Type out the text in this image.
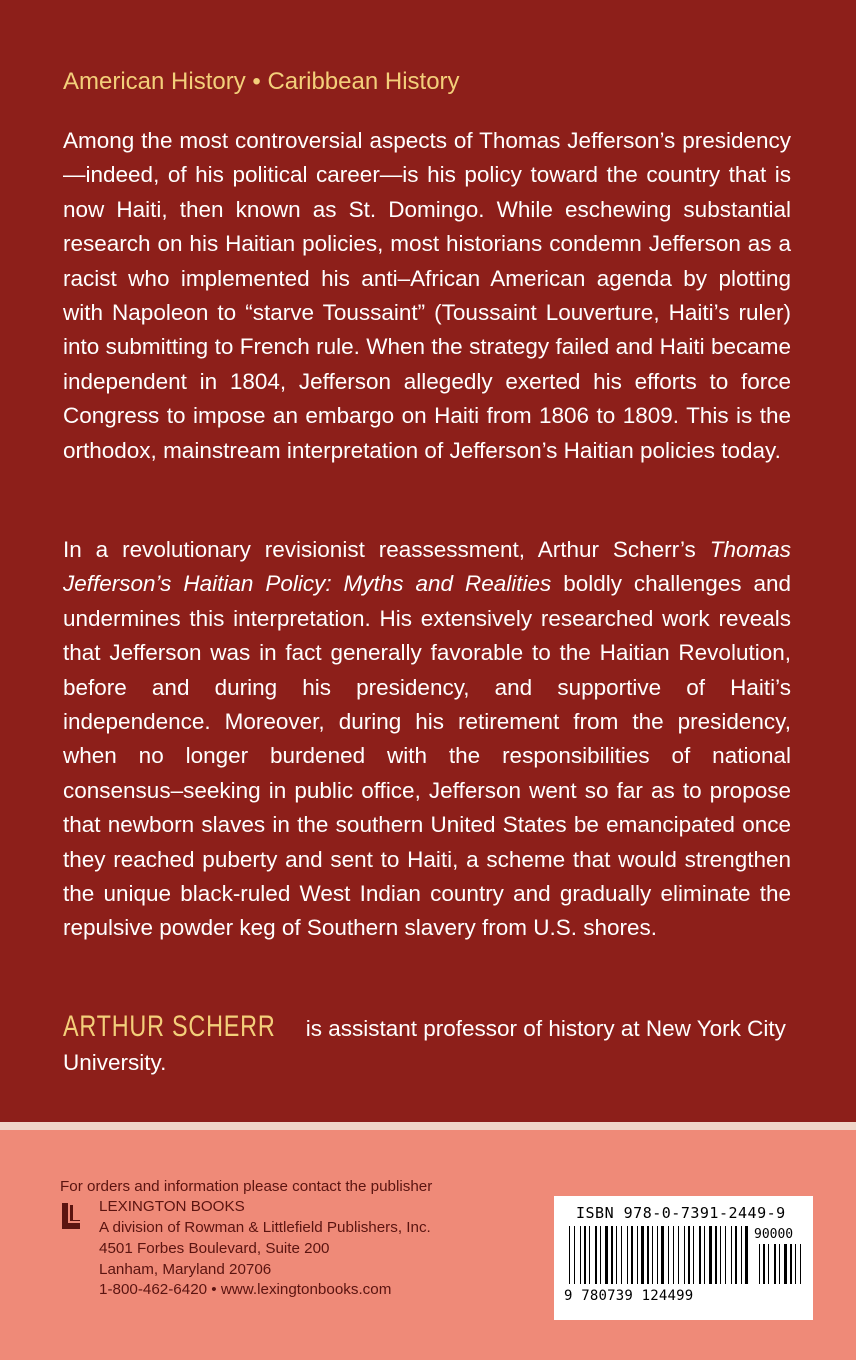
American History • Caribbean History

Among the most controversial aspects of Thomas Jefferson’s presidency—indeed, of his political career—is his policy toward the country that is now Haiti, then known as St. Domingo. While eschewing substantial research on his Haitian policies, most historians condemn Jefferson as a racist who implemented his anti–African American agenda by plotting with Napoleon to “starve Toussaint” (Toussaint Louverture, Haiti’s ruler) into submitting to French rule. When the strategy failed and Haiti became independent in 1804, Jefferson allegedly exerted his efforts to force Congress to impose an embargo on Haiti from 1806 to 1809. This is the orthodox, mainstream interpretation of Jefferson’s Haitian policies today.

In a revolutionary revisionist reassessment, Arthur Scherr’s Thomas Jefferson’s Haitian Policy: Myths and Realities boldly challenges and undermines this interpretation. His extensively researched work reveals that Jefferson was in fact generally favorable to the Haitian Revolution, before and during his presidency, and supportive of Haiti’s independence. Moreover, during his retirement from the presidency, when no longer burdened with the responsibilities of national consensus–seeking in public office, Jefferson went so far as to propose that newborn slaves in the southern United States be emancipated once they reached puberty and sent to Haiti, a scheme that would strengthen the unique black-ruled West Indian country and gradually eliminate the repulsive powder keg of Southern slavery from U.S. shores.

ARTHUR SCHERR is assistant professor of history at New York City University.

For orders and information please contact the publisher
LEXINGTON BOOKS
A division of Rowman & Littlefield Publishers, Inc.
4501 Forbes Boulevard, Suite 200
Lanham, Maryland 20706
1-800-462-6420 • www.lexingtonbooks.com
ISBN 978-0-7391-2449-9
90000
9 780739 124499
